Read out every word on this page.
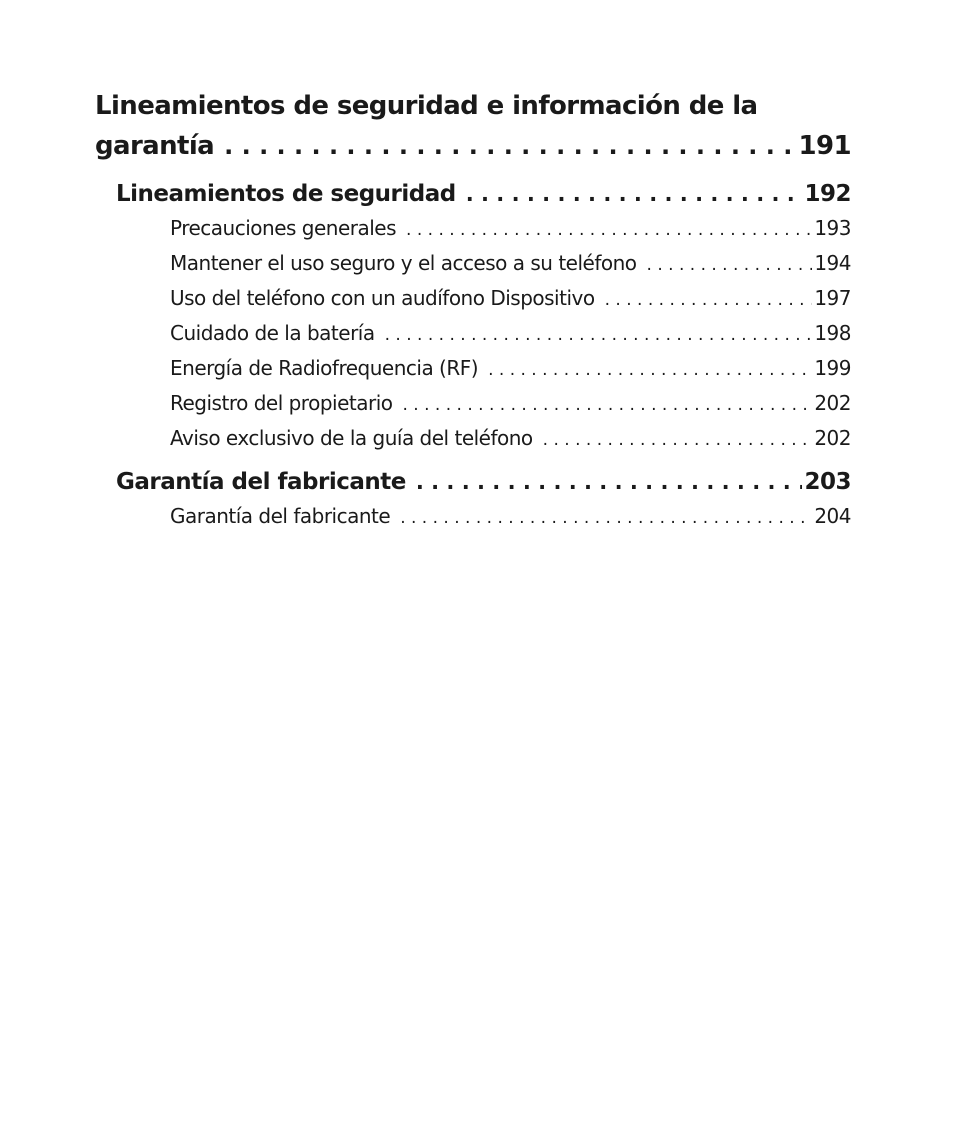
Lineamientos de seguridad e información de la
garantía . . .	191
Lineamientos de seguridad . . .	192
Precauciones generales . . .	193
Mantener el uso seguro y el acceso a su teléfono . . .	194
Uso del teléfono con un audífono Dispositivo . . .	197
Cuidado de la batería . . .	198
Energía de Radiofrequencia (RF) . . .	199
Registro del propietario . . .	202
Aviso exclusivo de la guía del teléfono . . .	202
Garantía del fabricante . . .	203
Garantía del fabricante . . .	204
